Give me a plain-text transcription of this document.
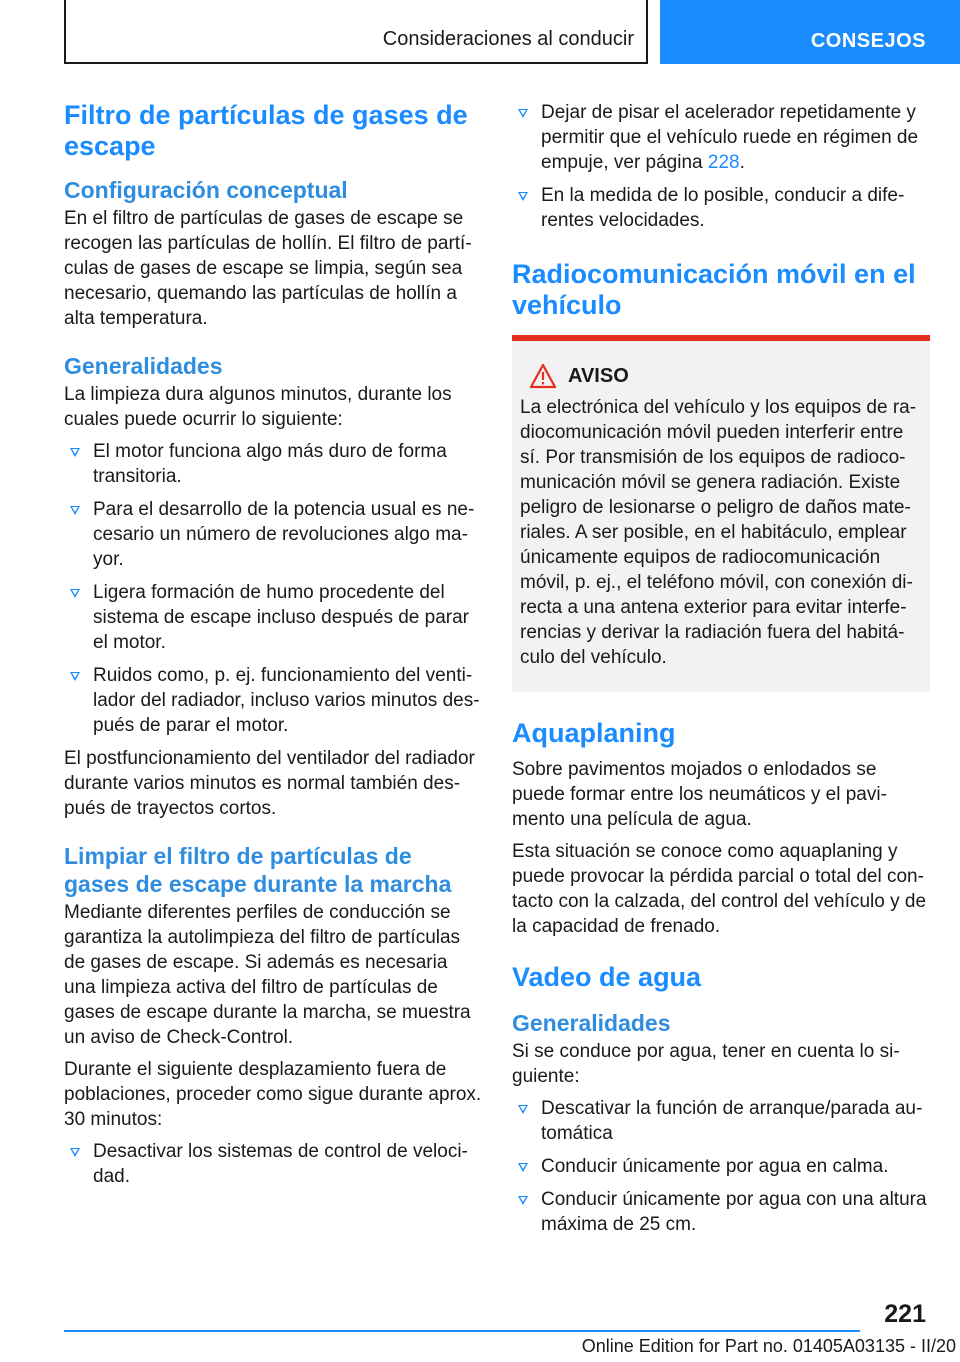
Consideraciones al conducir	CONSEJOS
Filtro de partículas de gases de escape
Configuración conceptual

En el filtro de partículas de gases de escape se recogen las partículas de hollín. El filtro de partículas de gases de escape se limpia, según sea necesario, quemando las partículas de hollín a alta temperatura.

Generalidades

La limpieza dura algunos minutos, durante los cuales puede ocurrir lo siguiente:

El motor funciona algo más duro de forma transitoria.
Para el desarrollo de la potencia usual es necesario un número de revoluciones algo mayor.
Ligera formación de humo procedente del sistema de escape incluso después de parar el motor.
Ruidos como, p. ej. funcionamiento del ventilador del radiador, incluso varios minutos después de parar el motor.

El postfuncionamiento del ventilador del radiador durante varios minutos es normal también después de trayectos cortos.

Limpiar el filtro de partículas de gases de escape durante la marcha

Mediante diferentes perfiles de conducción se garantiza la autolimpieza del filtro de partículas de gases de escape. Si además es necesaria una limpieza activa del filtro de partículas de gases de escape durante la marcha, se muestra un aviso de Check-Control.

Durante el siguiente desplazamiento fuera de poblaciones, proceder como sigue durante aprox. 30 minutos:

Desactivar los sistemas de control de velocidad.
Dejar de pisar el acelerador repetidamente y permitir que el vehículo ruede en régimen de empuje, ver página 228.
En la medida de lo posible, conducir a diferentes velocidades.
Radiocomunicación móvil en el vehículo
AVISO

La electrónica del vehículo y los equipos de radiocomunicación móvil pueden interferir entre sí. Por transmisión de los equipos de radiocomunicación móvil se genera radiación. Existe peligro de lesionarse o peligro de daños materiales. A ser posible, en el habitáculo, emplear únicamente equipos de radiocomunicación móvil, p. ej., el teléfono móvil, con conexión directa a una antena exterior para evitar interferencias y derivar la radiación fuera del habitáculo del vehículo.

Aquaplaning

Sobre pavimentos mojados o enlodados se puede formar entre los neumáticos y el pavimento una película de agua.

Esta situación se conoce como aquaplaning y puede provocar la pérdida parcial o total del contacto con la calzada, del control del vehículo y de la capacidad de frenado.

Vadeo de agua
Generalidades

Si se conduce por agua, tener en cuenta lo siguiente:

Descativar la función de arranque/parada automática
Conducir únicamente por agua en calma.
Conducir únicamente por agua con una altura máxima de 25 cm.
221
Online Edition for Part no. 01405A03135 - II/20
